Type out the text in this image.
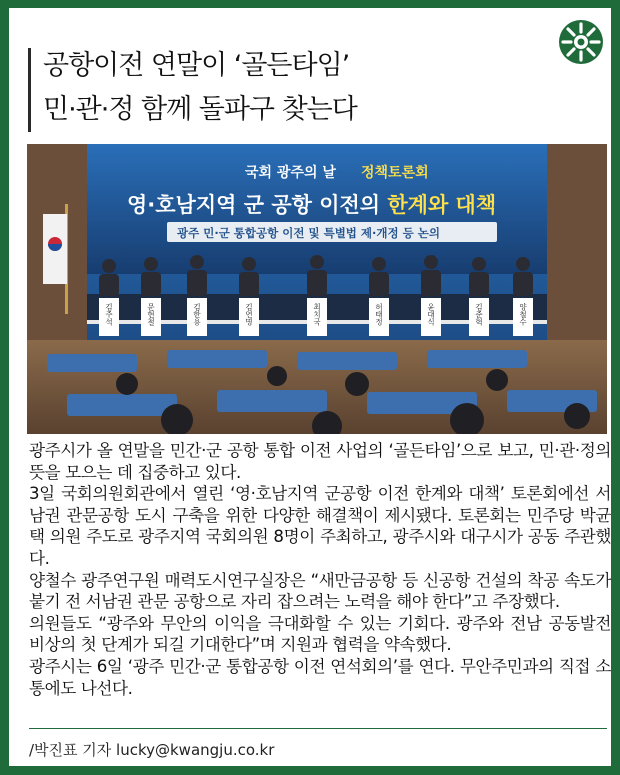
공항이전 연말이 ‘골든타임’
민·관·정 함께 돌파구 찾는다
국회 광주의 날 정책토론회
영·호남지역 군 공항 이전의 한계와 대책
광주 민·군 통합공항 이전 및 특별법 제·개정 등 논의
김주석	문현철	김한용	김연명	최치국	허태정	윤대식	김준혁	양철수

광주시가 올 연말을 민간·군 공항 통합 이전 사업의 ‘골든타임’으로 보고, 민·관·정의 뜻을 모으는 데 집중하고 있다.

3일 국회의원회관에서 열린 ‘영·호남지역 군공항 이전 한계와 대책’ 토론회에선 서남권 관문공항 도시 구축을 위한 다양한 해결책이 제시됐다. 토론회는 민주당 박균택 의원 주도로 광주지역 국회의원 8명이 주최하고, 광주시와 대구시가 공동 주관했다.

양철수 광주연구원 매력도시연구실장은 “새만금공항 등 신공항 건설의 착공 속도가 붙기 전 서남권 관문 공항으로 자리 잡으려는 노력을 해야 한다”고 주장했다.

의원들도 “광주와 무안의 이익을 극대화할 수 있는 기회다. 광주와 전남 공동발전 비상의 첫 단계가 되길 기대한다”며 지원과 협력을 약속했다.

광주시는 6일 ‘광주 민간·군 통합공항 이전 연석회의’를 연다. 무안주민과의 직접 소통에도 나선다.

/박진표 기자 lucky@kwangju.co.kr
